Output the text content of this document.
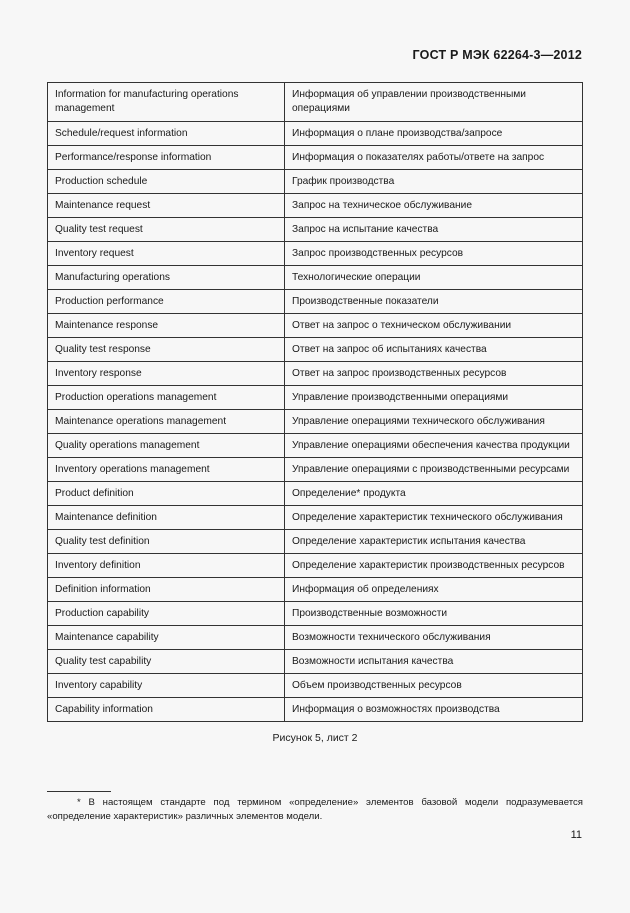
ГОСТ Р МЭК 62264-3—2012
Information for manufacturing operations management	Информация об управлении производственными операциями
Schedule/request information	Информация о плане производства/запросе
Performance/response information	Информация о показателях работы/ответе на запрос
Production schedule	График производства
Maintenance request	Запрос на техническое обслуживание
Quality test request	Запрос на испытание качества
Inventory request	Запрос производственных ресурсов
Manufacturing operations	Технологические операции
Production performance	Производственные показатели
Maintenance response	Ответ на запрос о техническом обслуживании
Quality test response	Ответ на запрос об испытаниях качества
Inventory response	Ответ на запрос производственных ресурсов
Production operations management	Управление производственными операциями
Maintenance operations management	Управление операциями технического обслуживания
Quality operations management	Управление операциями обеспечения качества продукции
Inventory operations management	Управление операциями с производственными ресурсами
Product definition	Определение* продукта
Maintenance definition	Определение характеристик технического обслуживания
Quality test definition	Определение характеристик испытания качества
Inventory definition	Определение характеристик производственных ресурсов
Definition information	Информация об определениях
Production capability	Производственные возможности
Maintenance capability	Возможности технического обслуживания
Quality test capability	Возможности испытания качества
Inventory capability	Объем производственных ресурсов
Capability information	Информация о возможностях производства
Рисунок 5, лист 2
* В настоящем стандарте под термином «определение» элементов базовой модели подразумевается «определение характеристик» различных элементов модели.
11
